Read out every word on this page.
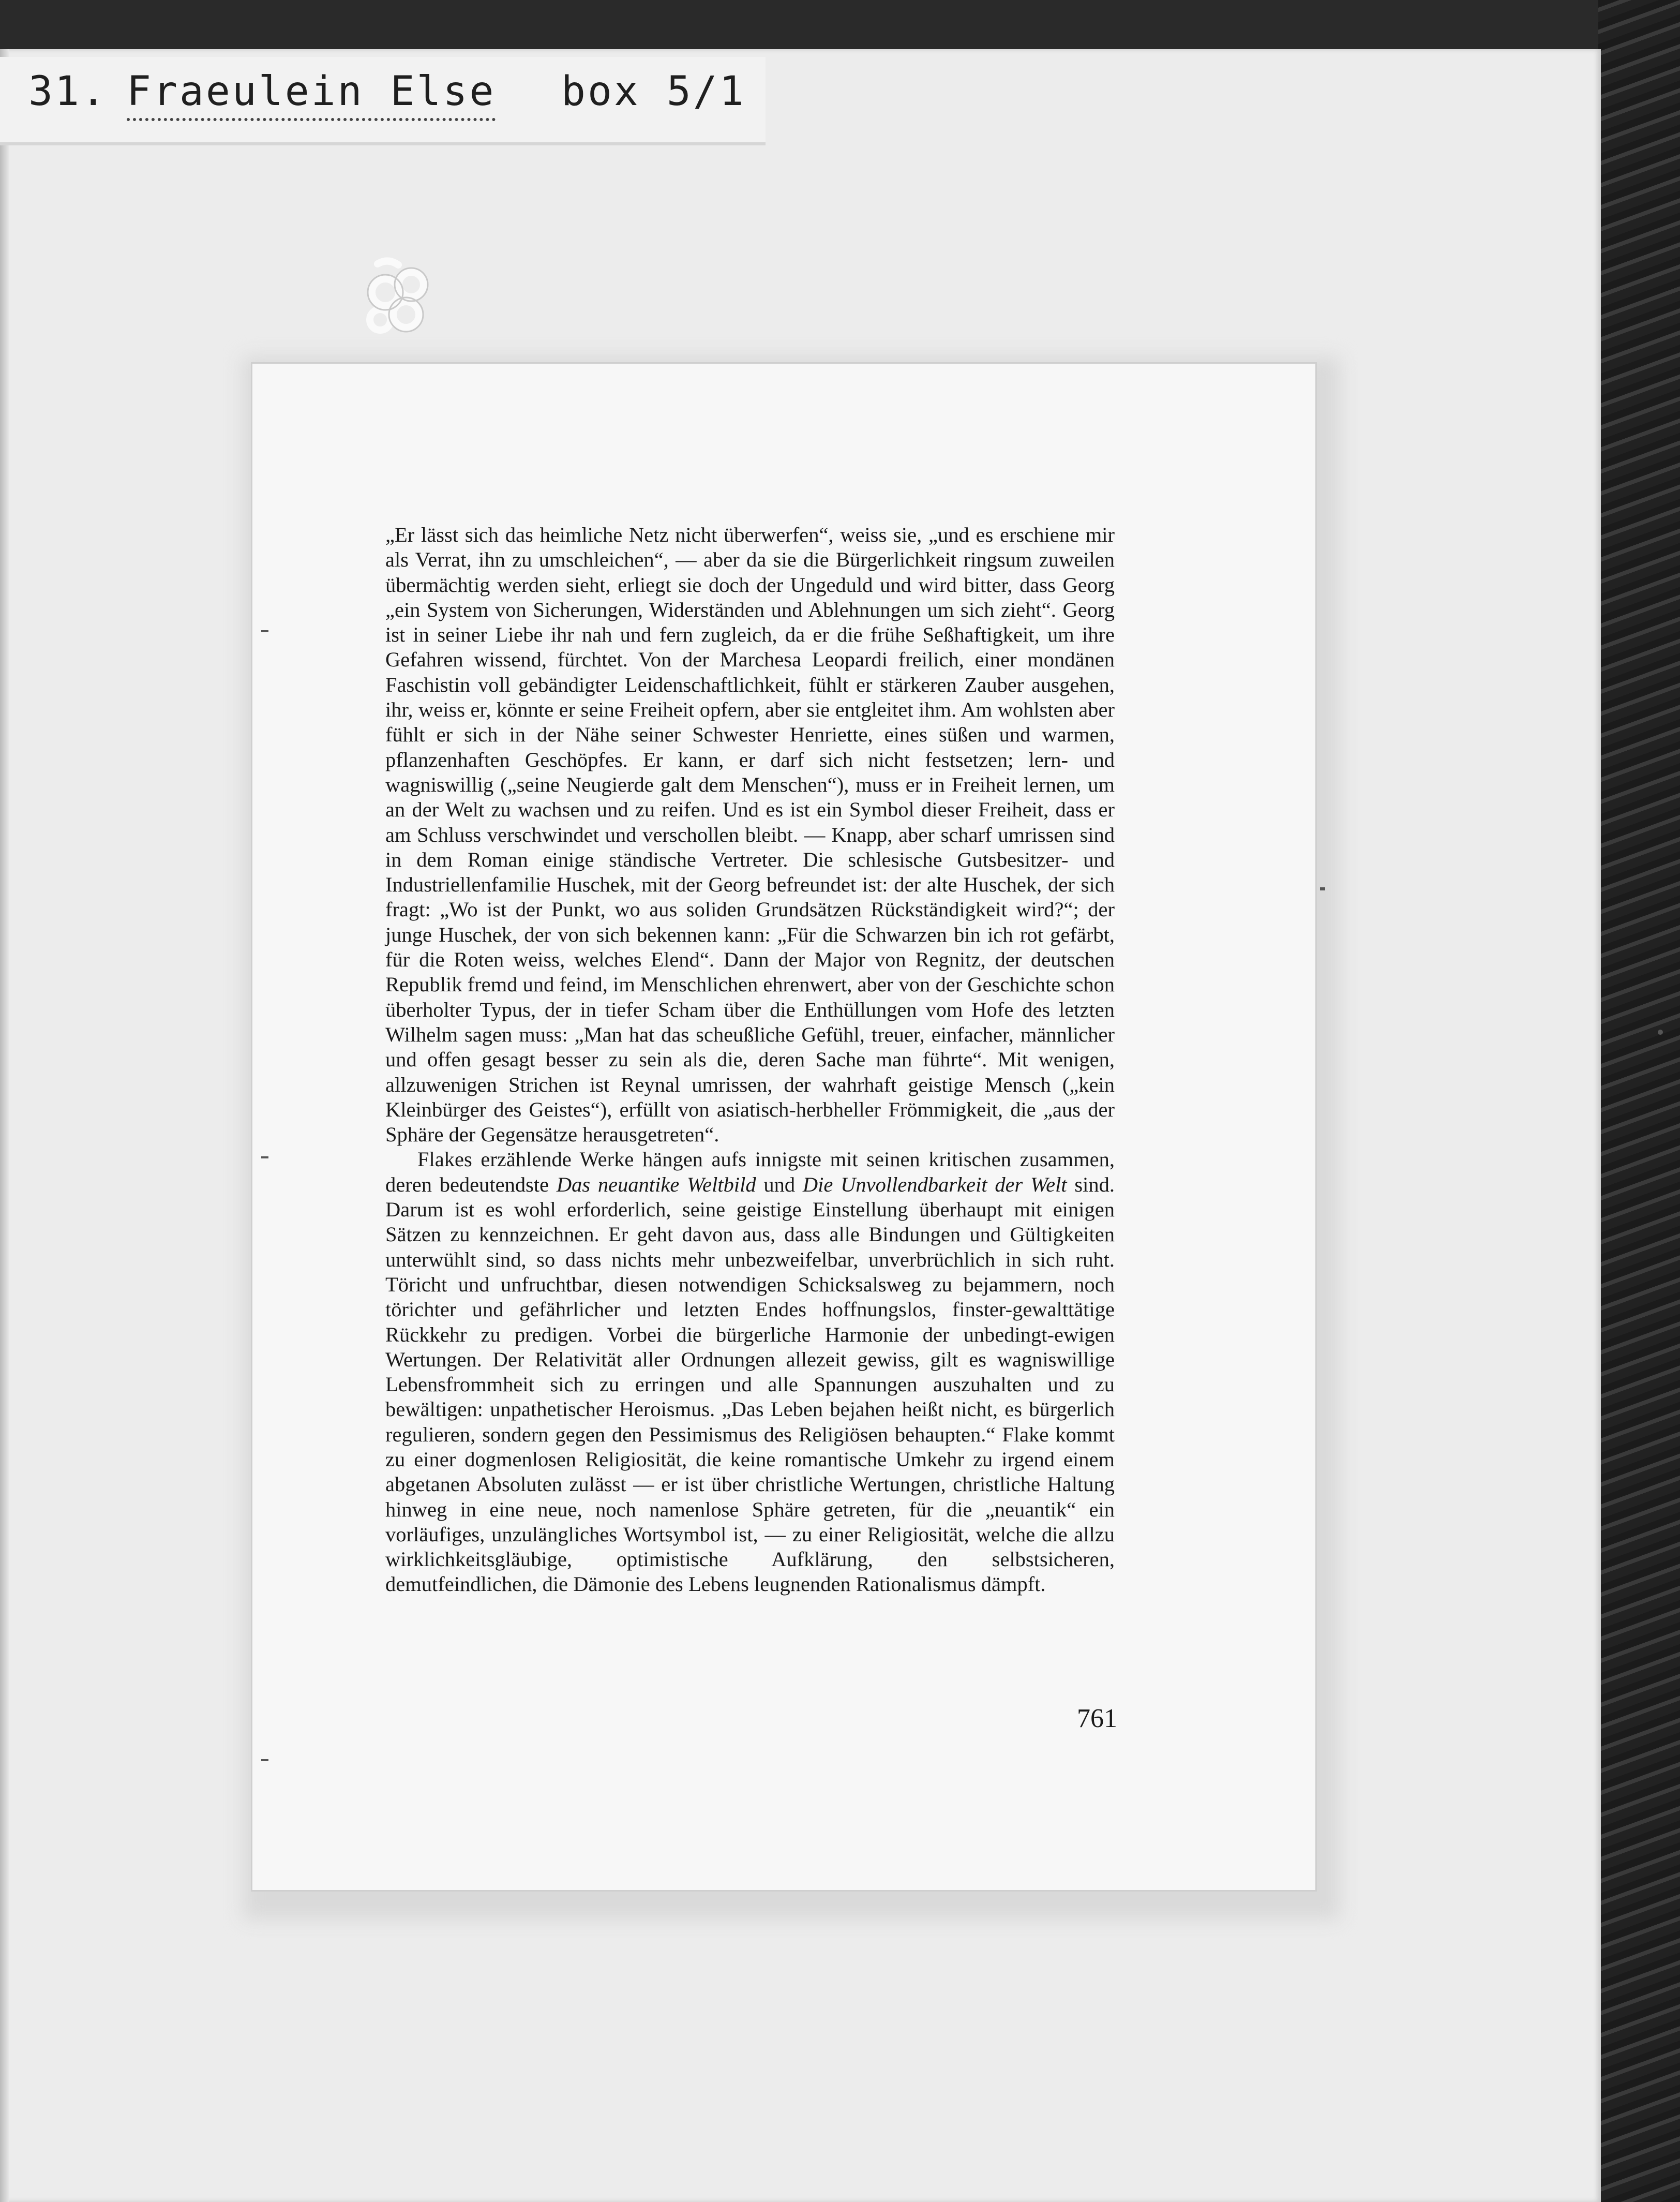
31. Fraeulein Else box 5/1

„Er lässt sich das heimliche Netz nicht überwerfen“, weiss sie, „und es erschiene mir als Verrat, ihn zu umschleichen“, — aber da sie die Bürgerlichkeit ringsum zuweilen übermächtig werden sieht, erliegt sie doch der Ungeduld und wird bitter, dass Georg „ein System von Sicherungen, Widerständen und Ablehnungen um sich zieht“. Georg ist in seiner Liebe ihr nah und fern zugleich, da er die frühe Seßhaftigkeit, um ihre Gefahren wissend, fürchtet. Von der Marchesa Leopardi freilich, einer mondänen Faschistin voll gebändigter Leidenschaftlichkeit, fühlt er stärkeren Zauber ausgehen, ihr, weiss er, könnte er seine Freiheit opfern, aber sie entgleitet ihm. Am wohlsten aber fühlt er sich in der Nähe seiner Schwester Henriette, eines süßen und warmen, pflanzenhaften Geschöpfes. Er kann, er darf sich nicht festsetzen; lern- und wagniswillig („seine Neugierde galt dem Menschen“), muss er in Freiheit lernen, um an der Welt zu wachsen und zu reifen. Und es ist ein Symbol dieser Freiheit, dass er am Schluss verschwindet und verschollen bleibt. — Knapp, aber scharf umrissen sind in dem Roman einige ständische Vertreter. Die schlesische Gutsbesitzer- und Industriellenfamilie Huschek, mit der Georg befreundet ist: der alte Huschek, der sich fragt: „Wo ist der Punkt, wo aus soliden Grundsätzen Rückständigkeit wird?“; der junge Huschek, der von sich bekennen kann: „Für die Schwarzen bin ich rot gefärbt, für die Roten weiss, welches Elend“. Dann der Major von Regnitz, der deutschen Republik fremd und feind, im Menschlichen ehrenwert, aber von der Geschichte schon überholter Typus, der in tiefer Scham über die Enthüllungen vom Hofe des letzten Wilhelm sagen muss: „Man hat das scheußliche Gefühl, treuer, einfacher, männlicher und offen gesagt besser zu sein als die, deren Sache man führte“. Mit wenigen, allzuwenigen Strichen ist Reynal umrissen, der wahrhaft geistige Mensch („kein Kleinbürger des Geistes“), erfüllt von asiatisch-herbheller Frömmigkeit, die „aus der Sphäre der Gegensätze herausgetreten“.

Flakes erzählende Werke hängen aufs innigste mit seinen kritischen zusammen, deren bedeutendste Das neuantike Weltbild und Die Unvollendbarkeit der Welt sind. Darum ist es wohl erforderlich, seine geistige Einstellung überhaupt mit einigen Sätzen zu kennzeichnen. Er geht davon aus, dass alle Bindungen und Gültigkeiten unterwühlt sind, so dass nichts mehr unbezweifelbar, unverbrüchlich in sich ruht. Töricht und unfruchtbar, diesen notwendigen Schicksalsweg zu bejammern, noch törichter und gefährlicher und letzten Endes hoffnungslos, finster-gewalttätige Rückkehr zu predigen. Vorbei die bürgerliche Harmonie der unbedingt-ewigen Wertungen. Der Relativität aller Ordnungen allezeit gewiss, gilt es wagniswillige Lebensfrommheit sich zu erringen und alle Spannungen auszuhalten und zu bewältigen: unpathetischer Heroismus. „Das Leben bejahen heißt nicht, es bürgerlich regulieren, sondern gegen den Pessimismus des Religiösen behaupten.“ Flake kommt zu einer dogmenlosen Religiosität, die keine romantische Umkehr zu irgend einem abgetanen Absoluten zulässt — er ist über christliche Wertungen, christliche Haltung hinweg in eine neue, noch namenlose Sphäre getreten, für die „neuantik“ ein vorläufiges, unzulängliches Wortsymbol ist, — zu einer Religiosität, welche die allzu wirklichkeitsgläubige, optimistische Aufklärung, den selbstsicheren, demutfeindlichen, die Dämonie des Lebens leugnenden Rationalismus dämpft.

761
